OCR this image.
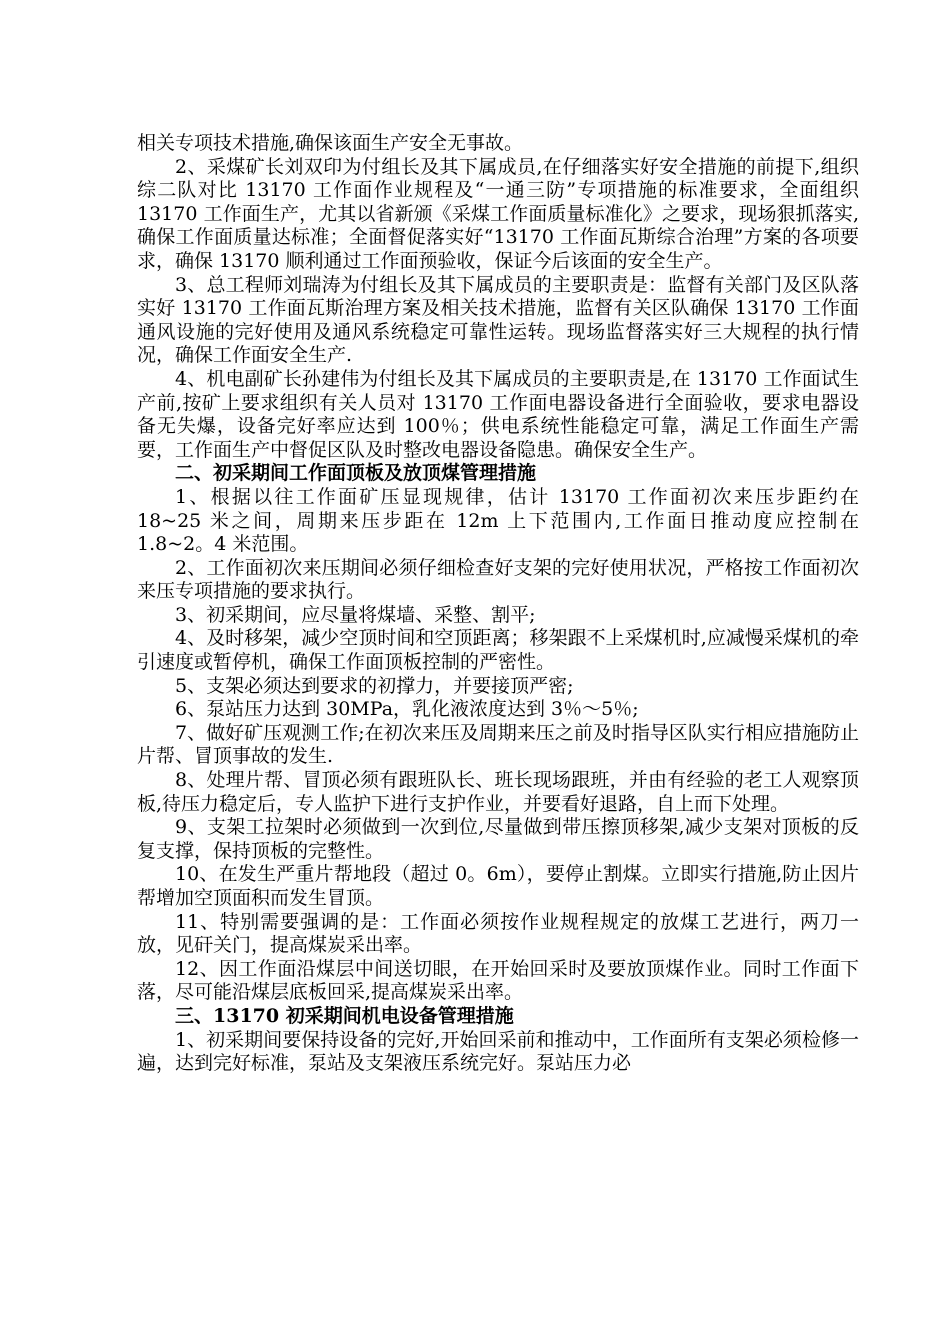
相关专项技术措施,确保该面生产安全无事故。

2、采煤矿长刘双印为付组长及其下属成员,在仔细落实好安全措施的前提下,组织综二队对比 13170 工作面作业规程及“一通三防”专项措施的标准要求，全面组织 13170 工作面生产，尤其以省新颁《采煤工作面质量标准化》之要求，现场狠抓落实,确保工作面质量达标准；全面督促落实好“13170 工作面瓦斯综合治理”方案的各项要求，确保 13170 顺利通过工作面预验收，保证今后该面的安全生产。

3、总工程师刘瑞涛为付组长及其下属成员的主要职责是：监督有关部门及区队落实好 13170 工作面瓦斯治理方案及相关技术措施，监督有关区队确保 13170 工作面通风设施的完好使用及通风系统稳定可靠性运转。现场监督落实好三大规程的执行情况，确保工作面安全生产.

4、机电副矿长孙建伟为付组长及其下属成员的主要职责是,在 13170 工作面试生产前,按矿上要求组织有关人员对 13170 工作面电器设备进行全面验收，要求电器设备无失爆，设备完好率应达到 100％；供电系统性能稳定可靠，满足工作面生产需要，工作面生产中督促区队及时整改电器设备隐患。确保安全生产。

二、初采期间工作面顶板及放顶煤管理措施

1、根据以往工作面矿压显现规律，估计 13170 工作面初次来压步距约在 18~25 米之间，周期来压步距在 12m 上下范围内,工作面日推动度应控制在 1.8~2。4 米范围。

2、工作面初次来压期间必须仔细检查好支架的完好使用状况，严格按工作面初次来压专项措施的要求执行。

3、初采期间，应尽量将煤墙、采整、割平;

4、及时移架，减少空顶时间和空顶距离；移架跟不上采煤机时,应减慢采煤机的牵引速度或暂停机，确保工作面顶板控制的严密性。

5、支架必须达到要求的初撑力，并要接顶严密;

6、泵站压力达到 30MPa，乳化液浓度达到 3％～5％;

7、做好矿压观测工作;在初次来压及周期来压之前及时指导区队实行相应措施防止片帮、冒顶事故的发生.

8、处理片帮、冒顶必须有跟班队长、班长现场跟班，并由有经验的老工人观察顶板,待压力稳定后，专人监护下进行支护作业，并要看好退路，自上而下处理。

9、支架工拉架时必须做到一次到位,尽量做到带压擦顶移架,减少支架对顶板的反复支撑，保持顶板的完整性。

10、在发生严重片帮地段（超过 0。6m），要停止割煤。立即实行措施,防止因片帮增加空顶面积而发生冒顶。

11、特别需要强调的是：工作面必须按作业规程规定的放煤工艺进行，两刀一放，见矸关门，提高煤炭采出率。

12、因工作面沿煤层中间送切眼，在开始回采时及要放顶煤作业。同时工作面下落，尽可能沿煤层底板回采,提高煤炭采出率。

三、13170 初采期间机电设备管理措施

1、初采期间要保持设备的完好,开始回采前和推动中，工作面所有支架必须检修一遍，达到完好标准，泵站及支架液压系统完好。泵站压力必
